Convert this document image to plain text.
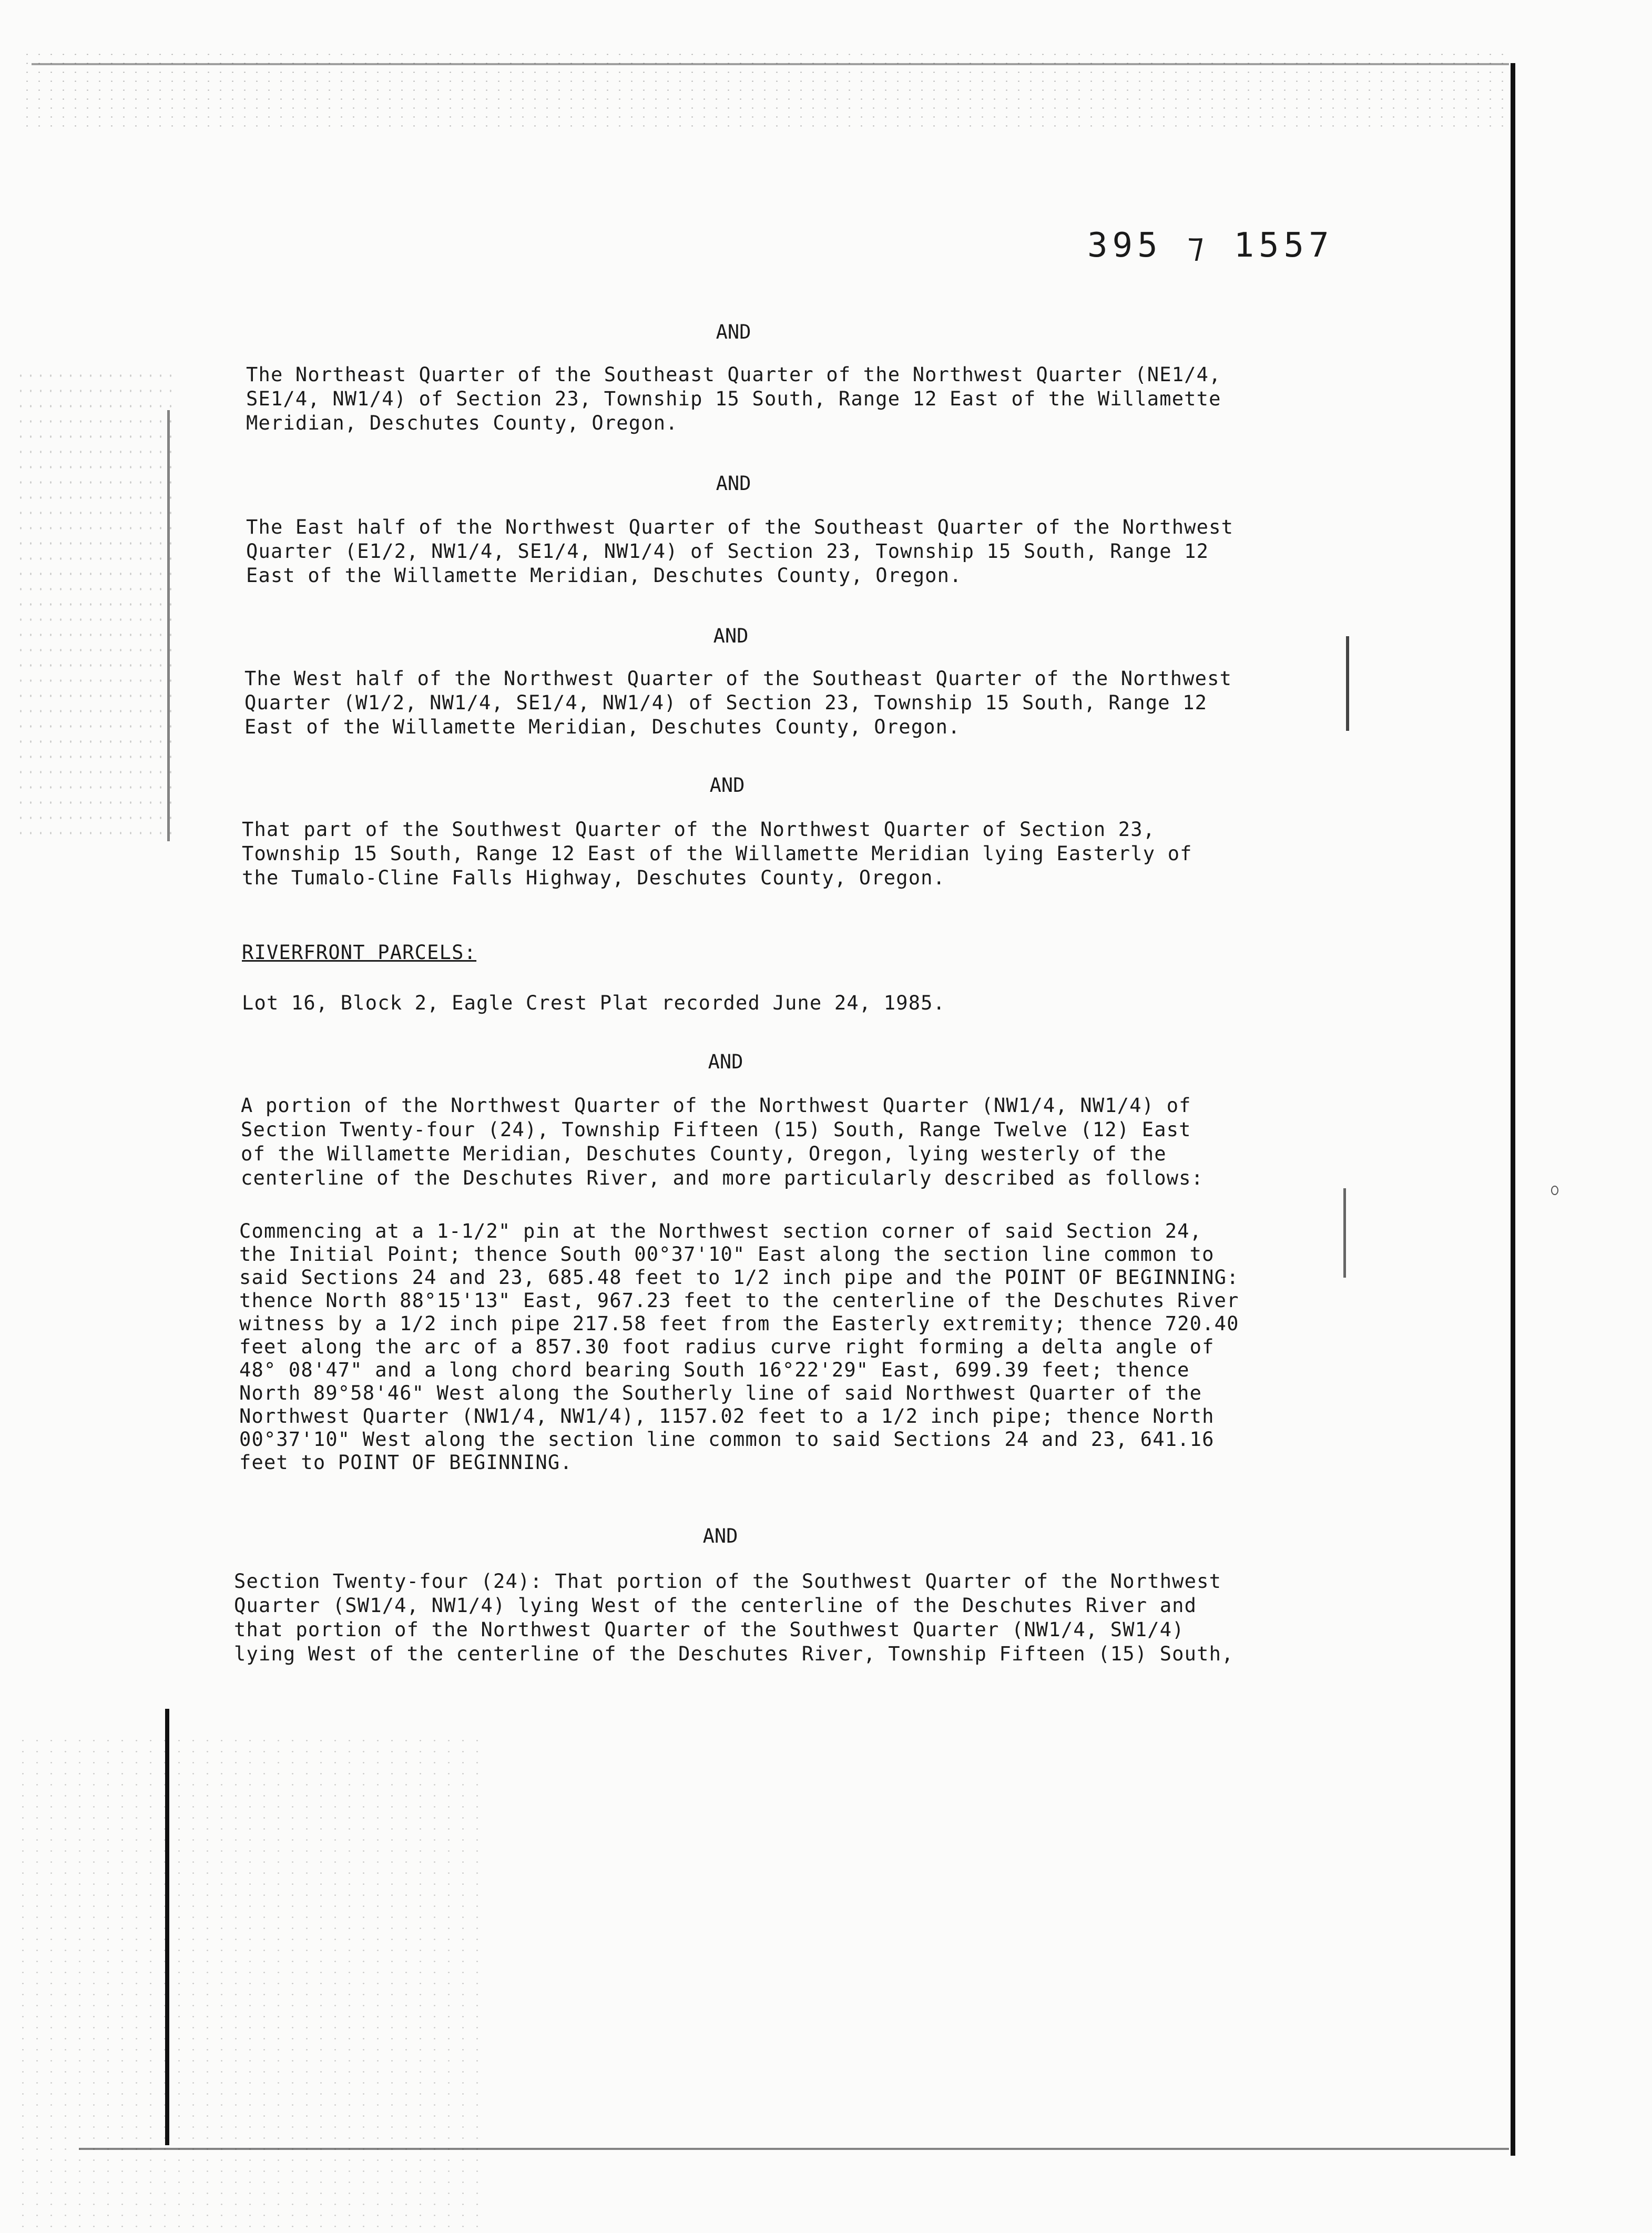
395 ⁊ 1557
AND
The Northeast Quarter of the Southeast Quarter of the Northwest Quarter (NE1/4,
SE1/4, NW1/4) of Section 23, Township 15 South, Range 12 East of the Willamette
Meridian, Deschutes County, Oregon.
AND
The East half of the Northwest Quarter of the Southeast Quarter of the Northwest
Quarter (E1/2, NW1/4, SE1/4, NW1/4) of Section 23, Township 15 South, Range 12
East of the Willamette Meridian, Deschutes County, Oregon.
AND
The West half of the Northwest Quarter of the Southeast Quarter of the Northwest
Quarter (W1/2, NW1/4, SE1/4, NW1/4) of Section 23, Township 15 South, Range 12
East of the Willamette Meridian, Deschutes County, Oregon.
AND
That part of the Southwest Quarter of the Northwest Quarter of Section 23,
Township 15 South, Range 12 East of the Willamette Meridian lying Easterly of
the Tumalo-Cline Falls Highway, Deschutes County, Oregon.
RIVERFRONT PARCELS:
Lot 16, Block 2, Eagle Crest Plat recorded June 24, 1985.
AND
A portion of the Northwest Quarter of the Northwest Quarter (NW1/4, NW1/4) of
Section Twenty-four (24), Township Fifteen (15) South, Range Twelve (12) East
of the Willamette Meridian, Deschutes County, Oregon, lying westerly of the
centerline of the Deschutes River, and more particularly described as follows:
Commencing at a 1-1/2" pin at the Northwest section corner of said Section 24,
the Initial Point; thence South 00°37'10" East along the section line common to
said Sections 24 and 23, 685.48 feet to 1/2 inch pipe and the POINT OF BEGINNING:
thence North 88°15'13" East, 967.23 feet to the centerline of the Deschutes River
witness by a 1/2 inch pipe 217.58 feet from the Easterly extremity; thence 720.40
feet along the arc of a 857.30 foot radius curve right forming a delta angle of
48° 08'47" and a long chord bearing South 16°22'29" East, 699.39 feet; thence
North 89°58'46" West along the Southerly line of said Northwest Quarter of the
Northwest Quarter (NW1/4, NW1/4), 1157.02 feet to a 1/2 inch pipe; thence North
00°37'10" West along the section line common to said Sections 24 and 23, 641.16
feet to POINT OF BEGINNING.
AND
Section Twenty-four (24): That portion of the Southwest Quarter of the Northwest
Quarter (SW1/4, NW1/4) lying West of the centerline of the Deschutes River and
that portion of the Northwest Quarter of the Southwest Quarter (NW1/4, SW1/4)
lying West of the centerline of the Deschutes River, Township Fifteen (15) South,
